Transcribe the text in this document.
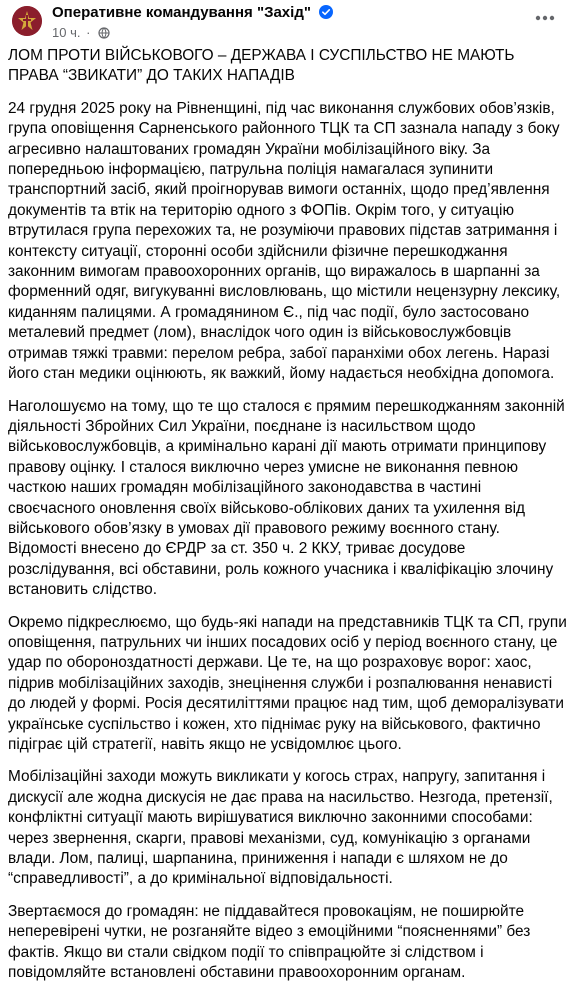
Оперативне командування "Захід"
10 ч. ·

ЛОМ ПРОТИ ВІЙСЬКОВОГО – ДЕРЖАВА І СУСПІЛЬСТВО НЕ МАЮТЬ ПРАВА “ЗВИКАТИ” ДО ТАКИХ НАПАДІВ

24 грудня 2025 року на Рівненщині, під час виконання службових обов’язків, група оповіщення Сарненського районного ТЦК та СП зазнала нападу з боку агресивно налаштованих громадян України мобілізаційного віку. За попередньою інформацією, патрульна поліція намагалася зупинити транспортний засіб, який проігнорував вимоги останніх, щодо пред’явлення документів та втік на територію одного з ФОПів. Окрім того, у ситуацію втрутилася група перехожих та, не розуміючи правових підстав затримання і контексту ситуації, сторонні особи здійснили фізичне перешкоджання законним вимогам правоохоронних органів, що виражалось в шарпанні за форменний одяг, вигукуванні висловлювань, що містили нецензурну лексику, киданням палицями. А громадянином Є., під час події, було застосовано металевий предмет (лом), внаслідок чого один із військовослужбовців отримав тяжкі травми: перелом ребра, забої паранхіми обох легень. Наразі його стан медики оцінюють, як важкий, йому надається необхідна допомога.

Наголошуємо на тому, що те що сталося є прямим перешкоджанням законній діяльності Збройних Сил України, поєднане із насильством щодо військовослужбовців, а кримінально карані дії мають отримати принципову правову оцінку. І сталося виключно через умисне не виконання певною часткою наших громадян мобілізаційного законодавства в частині своєчасного оновлення своїх військово-облікових даних та ухилення від військового обов’язку в умовах дії правового режиму воєнного стану. Відомості внесено до ЄРДР за ст. 350 ч. 2 ККУ, триває досудове розслідування, всі обставини, роль кожного учасника і кваліфікацію злочину встановить слідство.

Окремо підкреслюємо, що будь-які напади на представників ТЦК та СП, групи оповіщення, патрульних чи інших посадових осіб у період воєнного стану, це удар по обороноздатності держави. Це те, на що розраховує ворог: хаос, підрив мобілізаційних заходів, знецінення служби і розпалювання ненависті до людей у формі. Росія десятиліттями працює над тим, щоб деморалізувати українське суспільство і кожен, хто піднімає руку на військового, фактично підіграє цій стратегії, навіть якщо не усвідомлює цього.

Мобілізаційні заходи можуть викликати у когось страх, напругу, запитання і дискусії але жодна дискусія не дає права на насильство. Незгода, претензії, конфліктні ситуації мають вирішуватися виключно законними способами: через звернення, скарги, правові механізми, суд, комунікацію з органами влади. Лом, палиці, шарпанина, приниження і напади є шляхом не до “справедливості”, а до кримінальної відповідальності.

Звертаємося до громадян: не піддавайтеся провокаціям, не поширюйте неперевірені чутки, не розганяйте відео з емоційними “поясненнями” без фактів. Якщо ви стали свідком події то співпрацюйте зі слідством і повідомляйте встановлені обставини правоохоронним органам.
